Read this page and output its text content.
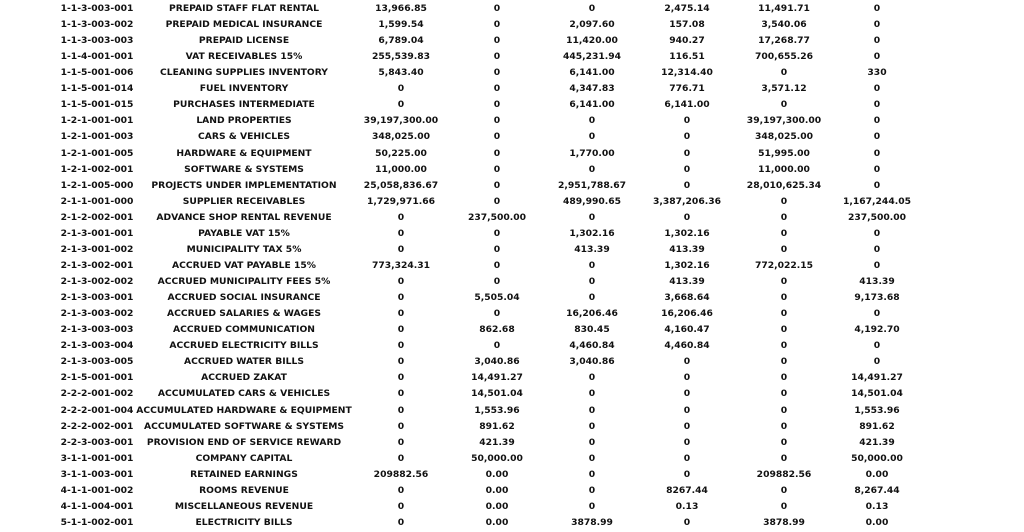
1-1-3-003-001	PREPAID STAFF FLAT RENTAL	13,966.85	0	0	2,475.14	11,491.71	0
1-1-3-003-002	PREPAID MEDICAL INSURANCE	1,599.54	0	2,097.60	157.08	3,540.06	0
1-1-3-003-003	PREPAID LICENSE	6,789.04	0	11,420.00	940.27	17,268.77	0
1-1-4-001-001	VAT RECEIVABLES 15%	255,539.83	0	445,231.94	116.51	700,655.26	0
1-1-5-001-006	CLEANING SUPPLIES INVENTORY	5,843.40	0	6,141.00	12,314.40	0	330
1-1-5-001-014	FUEL INVENTORY	0	0	4,347.83	776.71	3,571.12	0
1-1-5-001-015	PURCHASES INTERMEDIATE	0	0	6,141.00	6,141.00	0	0
1-2-1-001-001	LAND PROPERTIES	39,197,300.00	0	0	0	39,197,300.00	0
1-2-1-001-003	CARS & VEHICLES	348,025.00	0	0	0	348,025.00	0
1-2-1-001-005	HARDWARE & EQUIPMENT	50,225.00	0	1,770.00	0	51,995.00	0
1-2-1-002-001	SOFTWARE & SYSTEMS	11,000.00	0	0	0	11,000.00	0
1-2-1-005-000 PROJECTS UNDER IMPLEMENTATION	25,058,836.67	0	2,951,788.67	0	28,010,625.34	0
2-1-1-001-000	SUPPLIER RECEIVABLES	1,729,971.66	0	489,990.65	3,387,206.36	0	1,167,244.05
2-1-2-002-001 ADVANCE SHOP RENTAL REVENUE	0	237,500.00	0	0	0	237,500.00
2-1-3-001-001	PAYABLE VAT 15%	0	0	1,302.16	1,302.16	0	0
2-1-3-001-002	MUNICIPALITY TAX 5%	0	0	413.39	413.39	0	0
2-1-3-002-001	ACCRUED VAT PAYABLE 15%	773,324.31	0	0	1,302.16	772,022.15	0
2-1-3-002-002	ACCRUED MUNICIPALITY FEES 5%	0	0	0	413.39	0	413.39
2-1-3-003-001	ACCRUED SOCIAL INSURANCE	0	5,505.04	0	3,668.64	0	9,173.68
2-1-3-003-002	ACCRUED SALARIES & WAGES	0	0	16,206.46	16,206.46	0	0
2-1-3-003-003	ACCRUED COMMUNICATION	0	862.68	830.45	4,160.47	0	4,192.70
2-1-3-003-004	ACCRUED ELECTRICITY BILLS	0	0	4,460.84	4,460.84	0	0
2-1-3-003-005	ACCRUED WATER BILLS	0	3,040.86	3,040.86	0	0	0
2-1-5-001-001	ACCRUED ZAKAT	0	14,491.27	0	0	0	14,491.27
2-2-2-001-002	ACCUMULATED CARS & VEHICLES	0	14,501.04	0	0	0	14,501.04
2-2-2-001-004 ACCUMULATED HARDWARE & EQUIPMENT	0	1,553.96	0	0	0	1,553.96
2-2-2-002-001 ACCUMULATED SOFTWARE & SYSTEMS	0	891.62	0	0	0	891.62
2-2-3-003-001 PROVISION END OF SERVICE REWARD	0	421.39	0	0	0	421.39
3-1-1-001-001	COMPANY CAPITAL	0	50,000.00	0	0	0	50,000.00
3-1-1-003-001	RETAINED EARNINGS	209882.56	0.00	0	0	209882.56	0.00
4-1-1-001-002	ROOMS REVENUE	0	0.00	0	8267.44	0	8,267.44
4-1-1-004-001	MISCELLANEOUS REVENUE	0	0.00	0	0.13	0	0.13
5-1-1-002-001	ELECTRICITY BILLS	0	0.00	3878.99	0	3878.99	0.00
